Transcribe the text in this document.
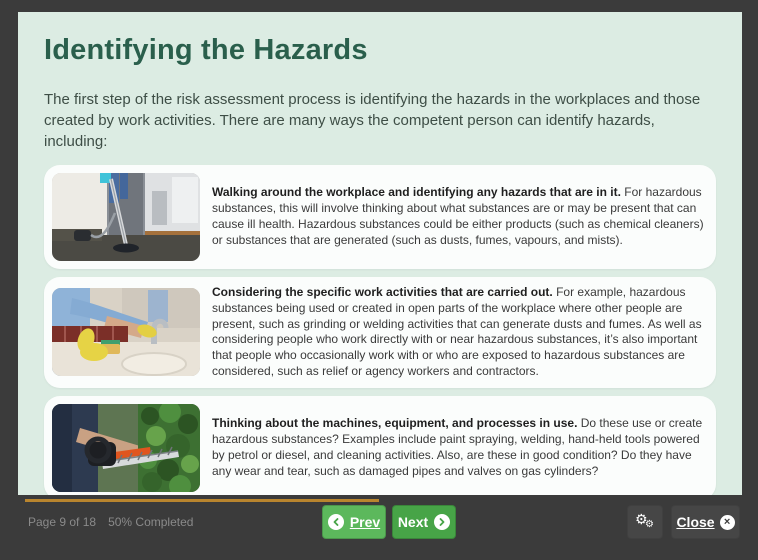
Identifying the Hazards

The first step of the risk assessment process is identifying the hazards in the workplaces and those created by work activities. There are many ways the competent person can identify hazards, including:

Walking around the workplace and identifying any hazards that are in it. For hazardous substances, this will involve thinking about what substances are or may be present that can cause ill health. Hazardous substances could be either products (such as chemical cleaners) or substances that are generated (such as dusts, fumes, vapours, and mists).

Considering the specific work activities that are carried out. For example, hazardous substances being used or created in open parts of the workplace where other people are present, such as grinding or welding activities that can generate dusts and fumes. As well as considering people who work directly with or near hazardous substances, it’s also important that people who occasionally work with or who are exposed to hazardous substances are considered, such as relief or agency workers and contractors.

Thinking about the machines, equipment, and processes in use. Do these use or create hazardous substances? Examples include paint spraying, welding, hand-held tools powered by petrol or diesel, and cleaning activities. Also, are these in good condition? Do they have any wear and tear, such as damaged pipes and valves on gas cylinders?

Page 9 of 18 50% Completed	Prev Next	⚙
⚙ Close ×
